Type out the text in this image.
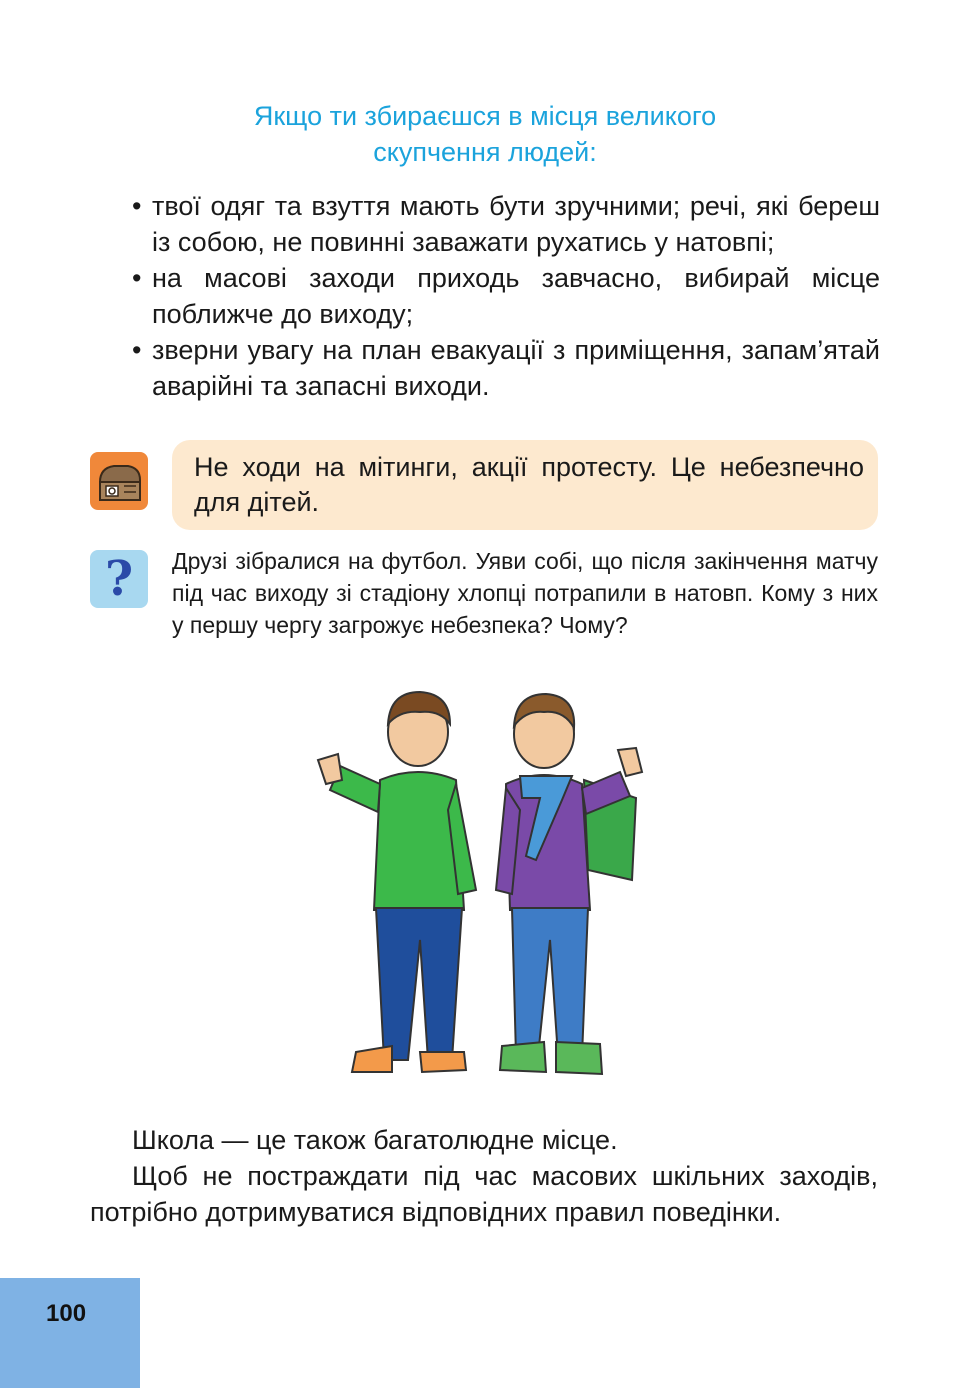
Якщо ти збираєшся в місця великого
скупчення людей:
• твої одяг та взуття мають бути зручними; речі, які береш із собою, не повинні заважати рухатись у натовпі;
• на масові заходи приходь завчасно, вибирай місце поближче до виходу;
• зверни увагу на план евакуації з приміщення, запам’ятай аварійні та запасні виходи.
Не ходи на мітинги, акції протесту. Це небезпечно для дітей.
?	Друзі зібралися на футбол. Уяви собі, що після закінчення матчу під час виходу зі стадіону хлопці потрапили в натовп. Кому з них у першу чергу загрожує небезпека? Чому?

Школа — це також багатолюдне місце.

Щоб не постраждати під час масових шкільних заходів, потрібно дотримуватися відповідних правил поведінки.

100
